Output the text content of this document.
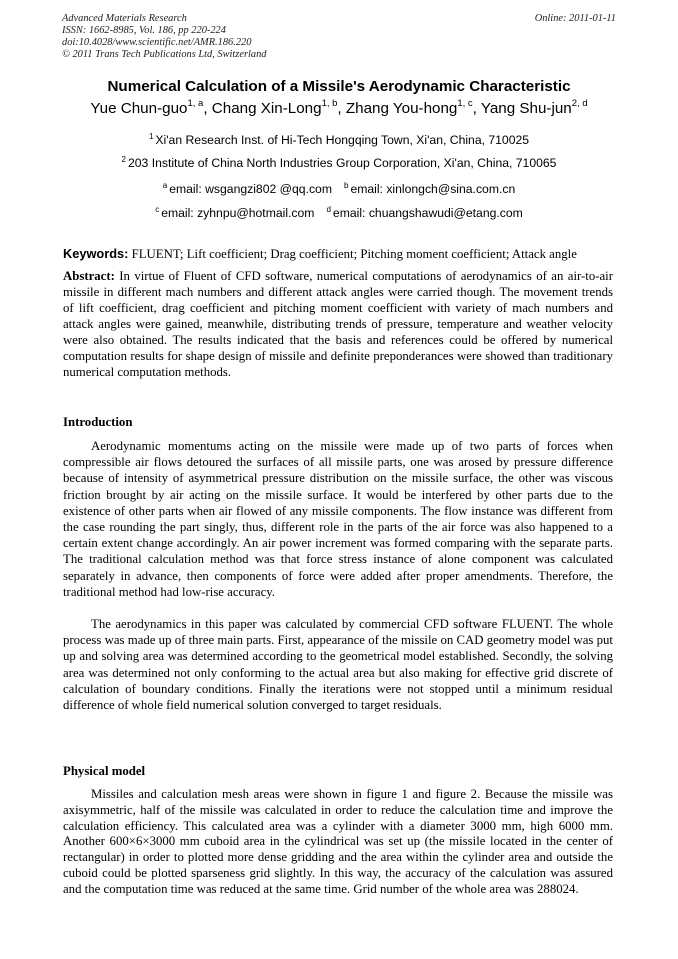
Advanced Materials Research
ISSN: 1662-8985, Vol. 186, pp 220-224
doi:10.4028/www.scientific.net/AMR.186.220
© 2011 Trans Tech Publications Ltd, Switzerland
Online: 2011-01-11
Numerical Calculation of a Missile's Aerodynamic Characteristic
Yue Chun-guo$^{1, a}$, Chang Xin-Long$^{1, b}$, Zhang You-hong$^{1, c}$, Yang Shu-jun$^{2, d}$
$^1$ Xi'an Research Inst. of Hi-Tech Hongqing Town, Xi'an, China, 710025
$^2$ 203 Institute of China North Industries Group Corporation, Xi'an, China, 710065
$^a$ email: wsgangzi802 @qq.com $^b$ email: xinlongch@sina.com.cn
$^c$ email: zyhnpu@hotmail.com $^d$ email: chuangshawudi@etang.com
Keywords: FLUENT; Lift coefficient; Drag coefficient; Pitching moment coefficient; Attack angle
Abstract: In virtue of Fluent of CFD software, numerical computations of aerodynamics of an air-to-air missile in different mach numbers and different attack angles were carried though. The movement trends of lift coefficient, drag coefficient and pitching moment coefficient with variety of mach numbers and attack angles were gained, meanwhile, distributing trends of pressure, temperature and weather velocity were also obtained. The results indicated that the basis and references could be offered by numerical computation results for shape design of missile and definite preponderances were showed than traditionary numerical computation methods.
Introduction

Aerodynamic momentums acting on the missile were made up of two parts of forces when compressible air flows detoured the surfaces of all missile parts, one was arosed by pressure difference because of intensity of asymmetrical pressure distribution on the missile surface, the other was viscous friction brought by air acting on the missile surface. It would be interfered by other parts due to the existence of other parts when air flowed of any missile components. The flow instance was different from the case rounding the part singly, thus, different role in the parts of the air force was also happened to a certain extent change accordingly. An air power increment was formed comparing with the separate parts. The traditional calculation method was that force stress instance of alone component was calculated separately in advance, then components of force were added after proper amendments. Therefore, the traditional method had low-rise accuracy.

The aerodynamics in this paper was calculated by commercial CFD software FLUENT. The whole process was made up of three main parts. First, appearance of the missile on CAD geometry model was put up and solving area was determined according to the geometrical model established. Secondly, the solving area was determined not only conforming to the actual area but also making for effective grid discrete of calculation of boundary conditions. Finally the iterations were not stopped until a minimum residual difference of whole field numerical solution converged to target residuals.

Physical model

Missiles and calculation mesh areas were shown in figure 1 and figure 2. Because the missile was axisymmetric, half of the missile was calculated in order to reduce the calculation time and improve the calculation efficiency. This calculated area was a cylinder with a diameter 3000 mm, high 6000 mm. Another 600×6×3000 mm cuboid area in the cylindrical was set up (the missile located in the center of rectangular) in order to plotted more dense gridding and the area within the cylinder area and outside the cuboid could be plotted sparseness grid slightly. In this way, the accuracy of the calculation was assured and the computation time was reduced at the same time. Grid number of the whole area was 288024.
